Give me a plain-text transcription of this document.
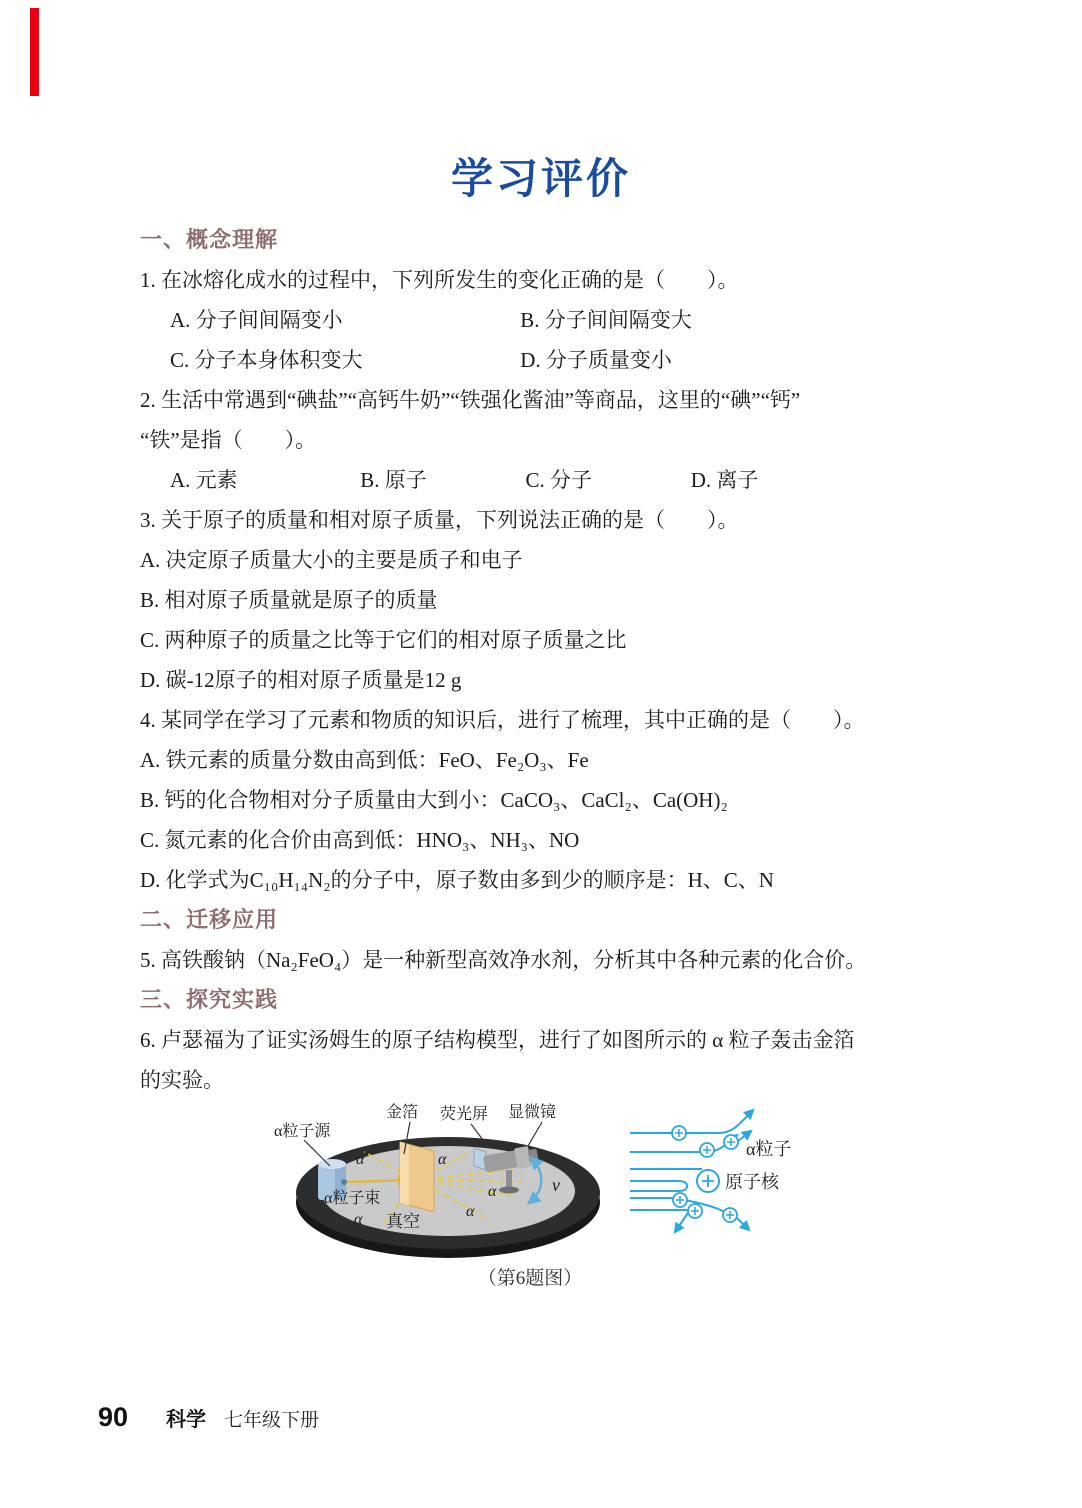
学习评价
一、概念理解

1. 在冰熔化成水的过程中，下列所发生的变化正确的是（　　）。

A. 分子间间隔变小	B. 分子间间隔变大
C. 分子本身体积变大	D. 分子质量变小

2. 生活中常遇到“碘盐”“高钙牛奶”“铁强化酱油”等商品，这里的“碘”“钙”

“铁”是指（　　）。

A. 元素	B. 原子	C. 分子	D. 离子

3. 关于原子的质量和相对原子质量，下列说法正确的是（　　）。

A. 决定原子质量大小的主要是质子和电子

B. 相对原子质量就是原子的质量

C. 两种原子的质量之比等于它们的相对原子质量之比

D. 碳-12原子的相对原子质量是12 g

4. 某同学在学习了元素和物质的知识后，进行了梳理，其中正确的是（　　）。

A. 铁元素的质量分数由高到低：FeO、Fe₂O₃、Fe

B. 钙的化合物相对分子质量由大到小：CaCO₃、CaCl₂、Ca(OH)₂

C. 氮元素的化合价由高到低：HNO₃、NH₃、NO

D. 化学式为C₁₀H₁₄N₂的分子中，原子数由多到少的顺序是：H、C、N

二、迁移应用

5. 高铁酸钠（Na₂FeO₄）是一种新型高效净水剂，分析其中各种元素的化合价。

三、探究实践

6. 卢瑟福为了证实汤姆生的原子结构模型，进行了如图所示的 α 粒子轰击金箔

的实验。

v
α粒子源
金箔 荧光屏 显微镜
α粒子束
真空
α	α
α
α
α
α粒子
原子核
（第6题图）
90 科学 七年级下册
